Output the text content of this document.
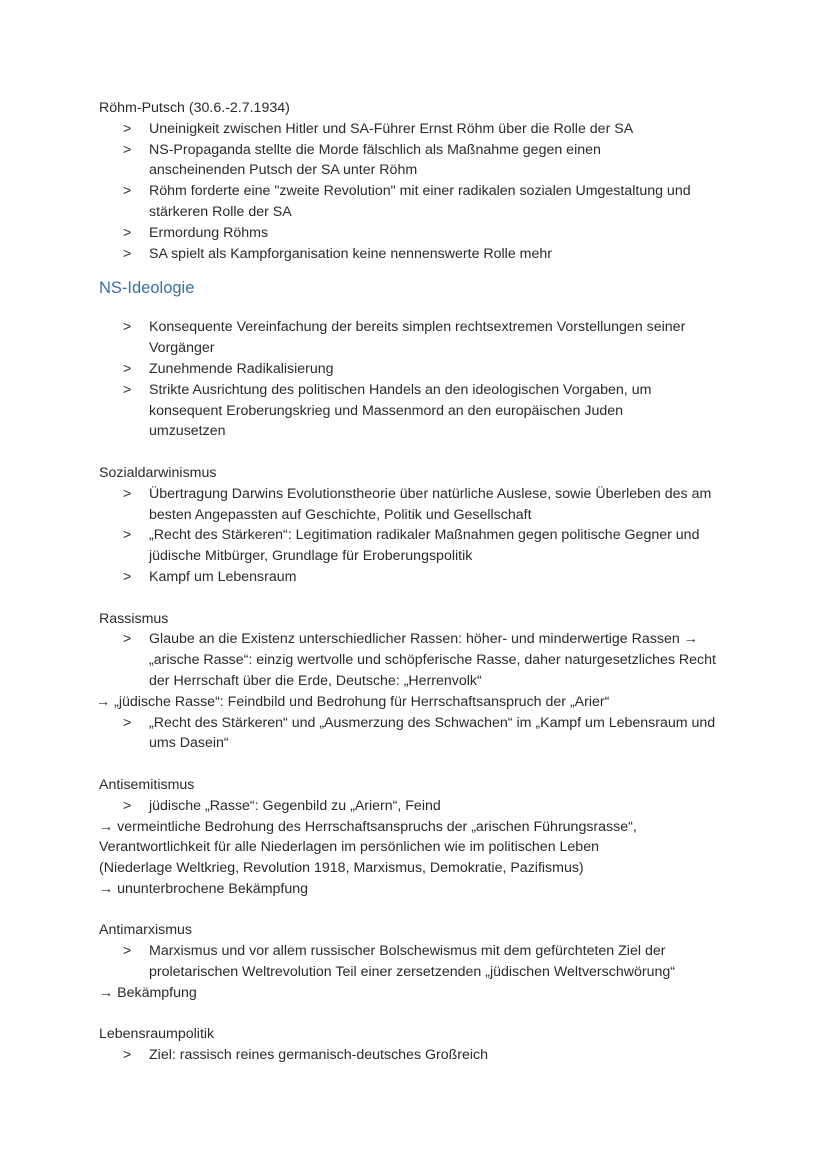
Röhm-Putsch (30.6.-2.7.1934)
>	Uneinigkeit zwischen Hitler und SA-Führer Ernst Röhm über die Rolle der SA
>	NS-Propaganda stellte die Morde fälschlich als Maßnahme gegen einen anscheinenden Putsch der SA unter Röhm
>	Röhm forderte eine "zweite Revolution" mit einer radikalen sozialen Umgestaltung und stärkeren Rolle der SA
>	Ermordung Röhms
>	SA spielt als Kampforganisation keine nennenswerte Rolle mehr
NS-Ideologie
>	Konsequente Vereinfachung der bereits simplen rechtsextremen Vorstellungen seiner Vorgänger
>	Zunehmende Radikalisierung
>	Strikte Ausrichtung des politischen Handels an den ideologischen Vorgaben, um konsequent Eroberungskrieg und Massenmord an den europäischen Juden umzusetzen
Sozialdarwinismus
>	Übertragung Darwins Evolutionstheorie über natürliche Auslese, sowie Überleben des am besten Angepassten auf Geschichte, Politik und Gesellschaft
>	„Recht des Stärkeren“: Legitimation radikaler Maßnahmen gegen politische Gegner und jüdische Mitbürger, Grundlage für Eroberungspolitik
>	Kampf um Lebensraum
Rassismus
>	Glaube an die Existenz unterschiedlicher Rassen: höher- und minderwertige Rassen → „arische Rasse“: einzig wertvolle und schöpferische Rasse, daher naturgesetzliches Recht der Herrschaft über die Erde, Deutsche: „Herrenvolk“
→ „jüdische Rasse“: Feindbild und Bedrohung für Herrschaftsanspruch der „Arier“
>	„Recht des Stärkeren“ und „Ausmerzung des Schwachen“ im „Kampf um Lebensraum und ums Dasein“
Antisemitismus
>	jüdische „Rasse“: Gegenbild zu „Ariern“, Feind
→ vermeintliche Bedrohung des Herrschaftsanspruchs der „arischen Führungsrasse“,
Verantwortlichkeit für alle Niederlagen im persönlichen wie im politischen Leben
(Niederlage Weltkrieg, Revolution 1918, Marxismus, Demokratie, Pazifismus)
→ ununterbrochene Bekämpfung
Antimarxismus
>	Marxismus und vor allem russischer Bolschewismus mit dem gefürchteten Ziel der proletarischen Weltrevolution Teil einer zersetzenden „jüdischen Weltverschwörung“
→ Bekämpfung
Lebensraumpolitik
>	Ziel: rassisch reines germanisch-deutsches Großreich
